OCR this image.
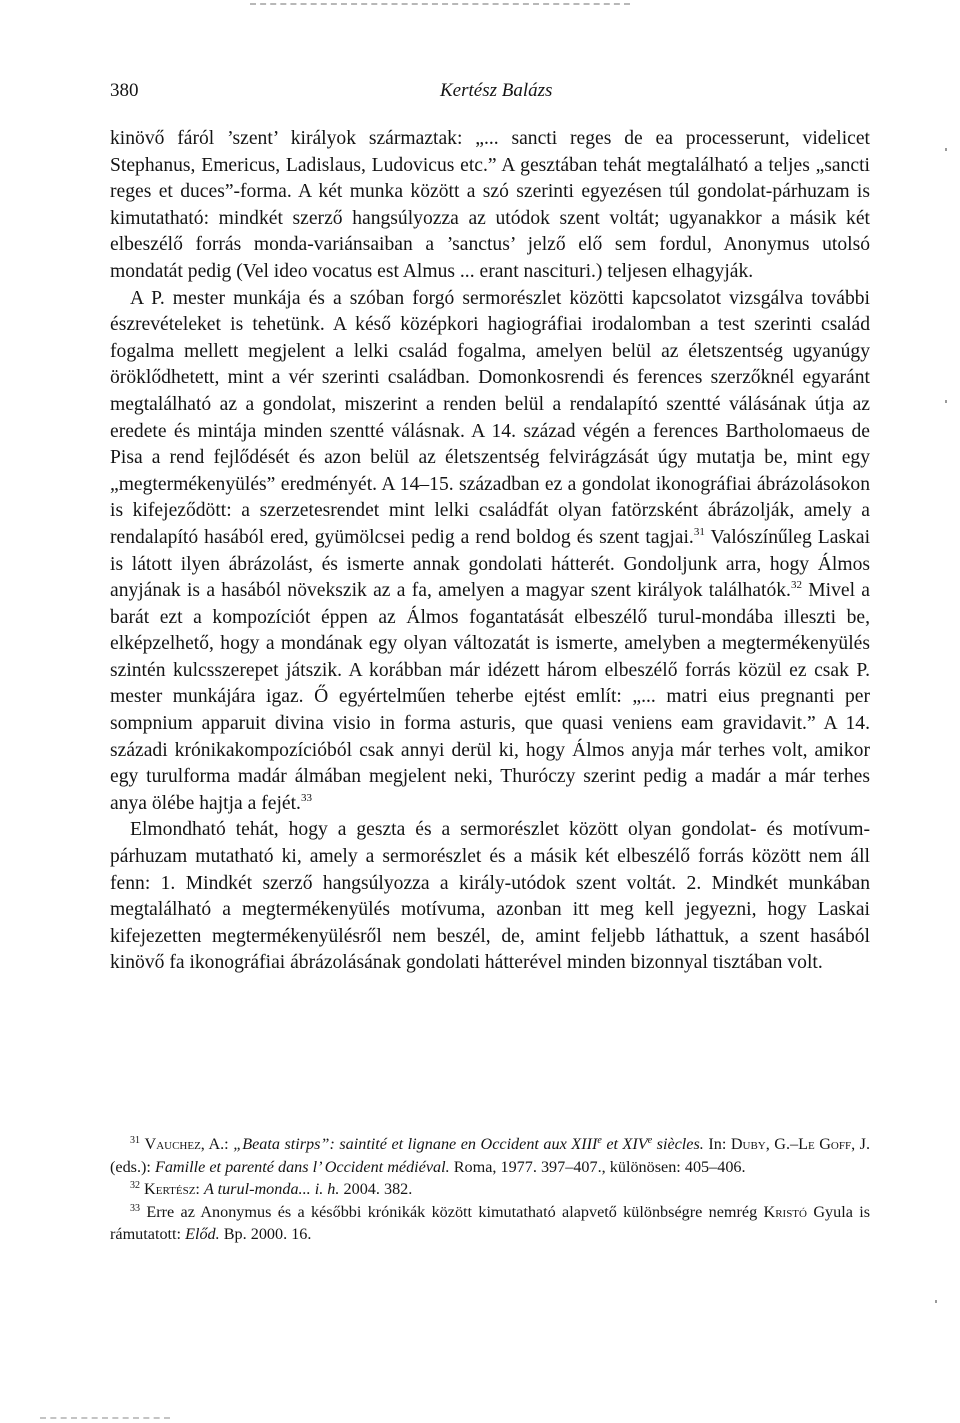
380	Kertész Balázs

kinövő fáról ’szent’ királyok származtak: „... sancti reges de ea processerunt, videlicet Stephanus, Emericus, Ladislaus, Ludovicus etc.” A gesztában tehát megtalálható a teljes „sancti reges et duces”-forma. A két munka között a szó szerinti egyezésen túl gondolat-párhuzam is kimutatható: mindkét szerző hangsúlyozza az utódok szent voltát; ugyanakkor a másik két elbeszélő forrás monda-variánsaiban a ’sanctus’ jelző elő sem fordul, Anonymus utolsó mondatát pedig (Vel ideo vocatus est Almus ... erant nascituri.) teljesen elhagyják.

A P. mester munkája és a szóban forgó sermorészlet közötti kapcsolatot vizsgálva további észrevételeket is tehetünk. A késő középkori hagiográfiai irodalomban a test szerinti család fogalma mellett megjelent a lelki család fogalma, amelyen belül az életszentség ugyanúgy öröklődhetett, mint a vér szerinti családban. Domonkosrendi és ferences szerzőknél egyaránt megtalálható az a gondolat, miszerint a renden belül a rendalapító szentté válásának útja az eredete és mintája minden szentté válásnak. A 14. század végén a ferences Bartholomaeus de Pisa a rend fejlődését és azon belül az életszentség felvirágzását úgy mutatja be, mint egy „megtermékenyülés” eredményét. A 14–15. században ez a gondolat ikonográfiai ábrázolásokon is kifejeződött: a szerzetesrendet mint lelki családfát olyan fatörzsként ábrázolják, amely a rendalapító hasából ered, gyümölcsei pedig a rend boldog és szent tagjai.$^{31}$ Valószínűleg Laskai is látott ilyen ábrázolást, és ismerte annak gondolati hátterét. Gondoljunk arra, hogy Álmos anyjának is a hasából növekszik az a fa, amelyen a magyar szent királyok találhatók.$^{32}$ Mivel a barát ezt a kompozíciót éppen az Álmos fogantatását elbeszélő turul-mondába illeszti be, elképzelhető, hogy a mondának egy olyan változatát is ismerte, amelyben a megtermékenyülés szintén kulcsszerepet játszik. A korábban már idézett három elbeszélő forrás közül ez csak P. mester munkájára igaz. Ő egyértelműen teherbe ejtést említ: „... matri eius pregnanti per sompnium apparuit divina visio in forma asturis, que quasi veniens eam gravidavit.” A 14. századi krónikakompozícióból csak annyi derül ki, hogy Álmos anyja már terhes volt, amikor egy turulforma madár álmában megjelent neki, Thuróczy szerint pedig a madár a már terhes anya ölébe hajtja a fejét.$^{33}$

Elmondható tehát, hogy a geszta és a sermorészlet között olyan gondolat- és motívum-párhuzam mutatható ki, amely a sermorészlet és a másik két elbeszélő forrás között nem áll fenn: 1. Mindkét szerző hangsúlyozza a király-utódok szent voltát. 2. Mindkét munkában megtalálható a megtermékenyülés motívuma, azonban itt meg kell jegyezni, hogy Laskai kifejezetten megtermékenyülésről nem beszél, de, amint feljebb láthattuk, a szent hasából kinövő fa ikonográfiai ábrázolásának gondolati hátterével minden bizonnyal tisztában volt.

$^{31}$ Vauchez, A.: „Beata stirps”: saintité et lignane en Occident aux XIIIe et XIVe siècles. In: Duby, G.–Le Goff, J. (eds.): Famille et parenté dans l’ Occident médiéval. Roma, 1977. 397–407., különösen: 405–406.

$^{32}$ Kertész: A turul-monda... i. h. 2004. 382.

$^{33}$ Erre az Anonymus és a későbbi krónikák között kimutatható alapvető különbségre nemrég Kristó Gyula is rámutatott: Előd. Bp. 2000. 16.
